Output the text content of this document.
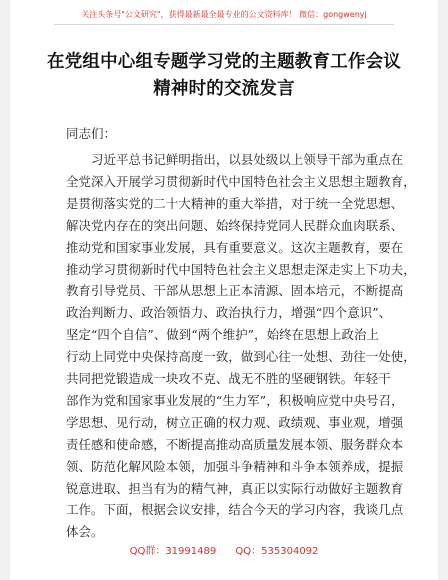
关注头条号"公文研究"，获得最新最全最专业的公文资料库！ 微信：gongwenyj
在党组中心组专题学习党的主题教育工作会议
精神时的交流发言
同志们：
　　习近平总书记鲜明指出，以县处级以上领导干部为重点在
全党深入开展学习贯彻新时代中国特色社会主义思想主题教育，
是贯彻落实党的二十大精神的重大举措，对于统一全党思想、
解决党内存在的突出问题、始终保持党同人民群众血肉联系、
推动党和国家事业发展，具有重要意义。这次主题教育，要在
推动学习贯彻新时代中国特色社会主义思想走深走实上下功夫，
教育引导党员、干部从思想上正本清源、固本培元，不断提高
政治判断力、政治领悟力、政治执行力，增强“四个意识”、
坚定“四个自信”、做到“两个维护”，始终在思想上政治上
行动上同党中央保持高度一致，做到心往一处想、劲往一处使，
共同把党锻造成一块攻不克、战无不胜的坚硬钢铁。年轻干
部作为党和国家事业发展的“生力军”，积极响应党中央号召，
学思想、见行动，树立正确的权力观、政绩观、事业观，增强
责任感和使命感，不断提高推动高质量发展本领、服务群众本
领、防范化解风险本领，加强斗争精神和斗争本领养成，提振
锐意进取、担当有为的精气神，真正以实际行动做好主题教育
工作。下面，根据会议安排，结合今天的学习内容，我谈几点
体会。
QQ群：31991489 QQ：535304092
